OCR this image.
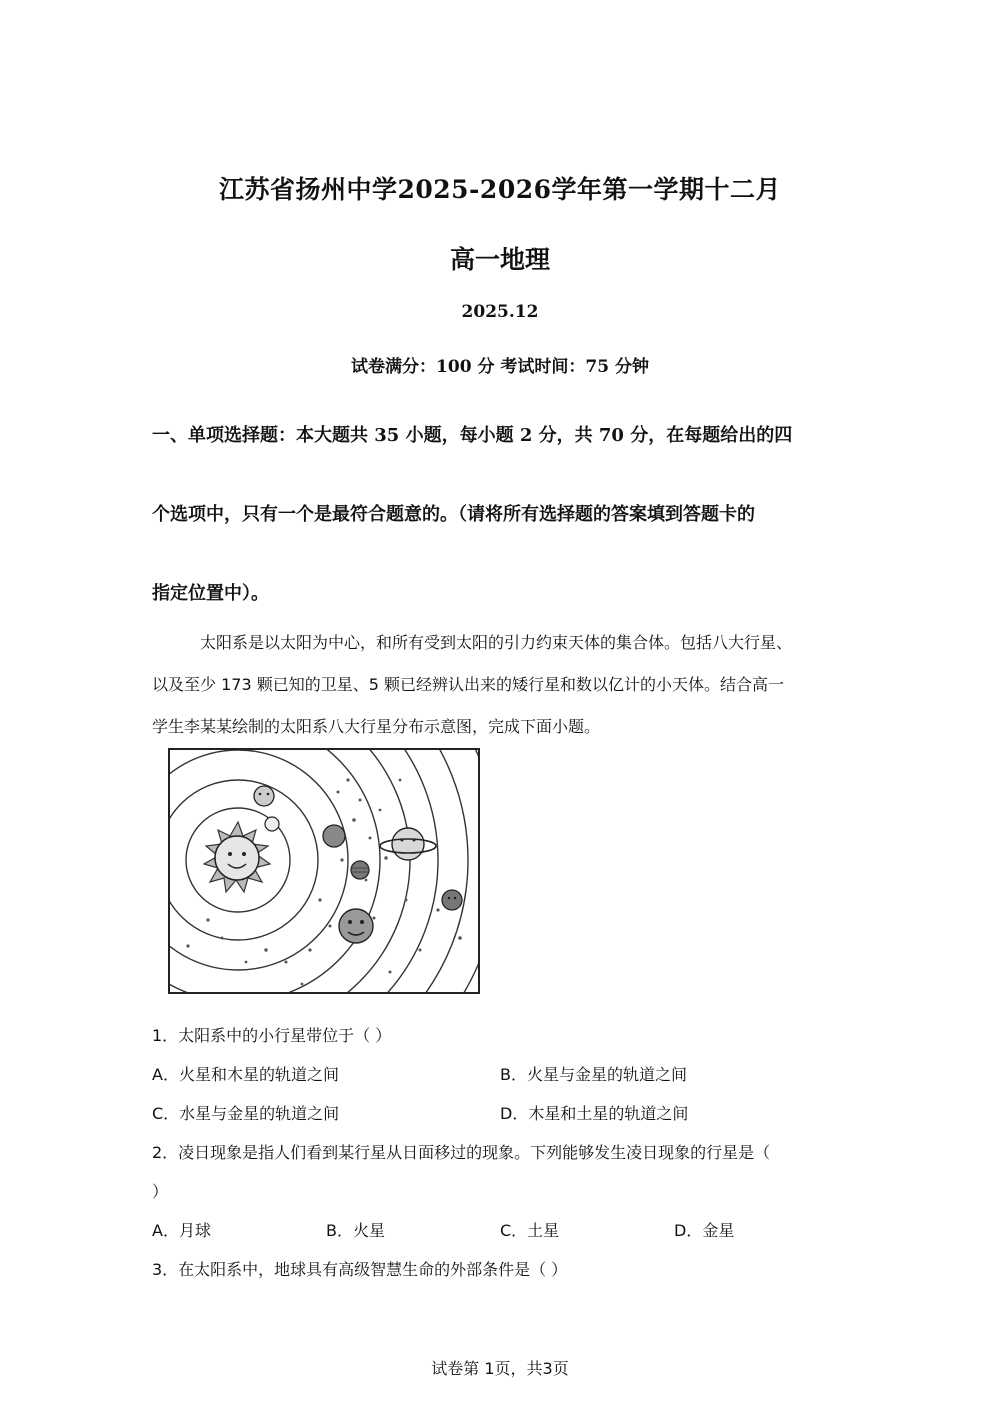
江苏省扬州中学2025-2026学年第一学期十二月
高一地理
2025.12
试卷满分：100 分 考试时间：75 分钟
一、单项选择题：本大题共 35 小题，每小题 2 分，共 70 分，在每题给出的四
个选项中，只有一个是最符合题意的。（请将所有选择题的答案填到答题卡的
指定位置中）。
太阳系是以太阳为中心，和所有受到太阳的引力约束天体的集合体。包括八大行星、
以及至少 173 颗已知的卫星、5 颗已经辨认出来的矮行星和数以亿计的小天体。结合高一
学生李某某绘制的太阳系八大行星分布示意图，完成下面小题。
1．太阳系中的小行星带位于（ ）
A．火星和木星的轨道之间	B．火星与金星的轨道之间
C．水星与金星的轨道之间	D．木星和土星的轨道之间
2．凌日现象是指人们看到某行星从日面移过的现象。下列能够发生凌日现象的行星是（
）
A．月球	B．火星	C．土星	D．金星
3．在太阳系中，地球具有高级智慧生命的外部条件是（ ）
试卷第 1页，共3页
